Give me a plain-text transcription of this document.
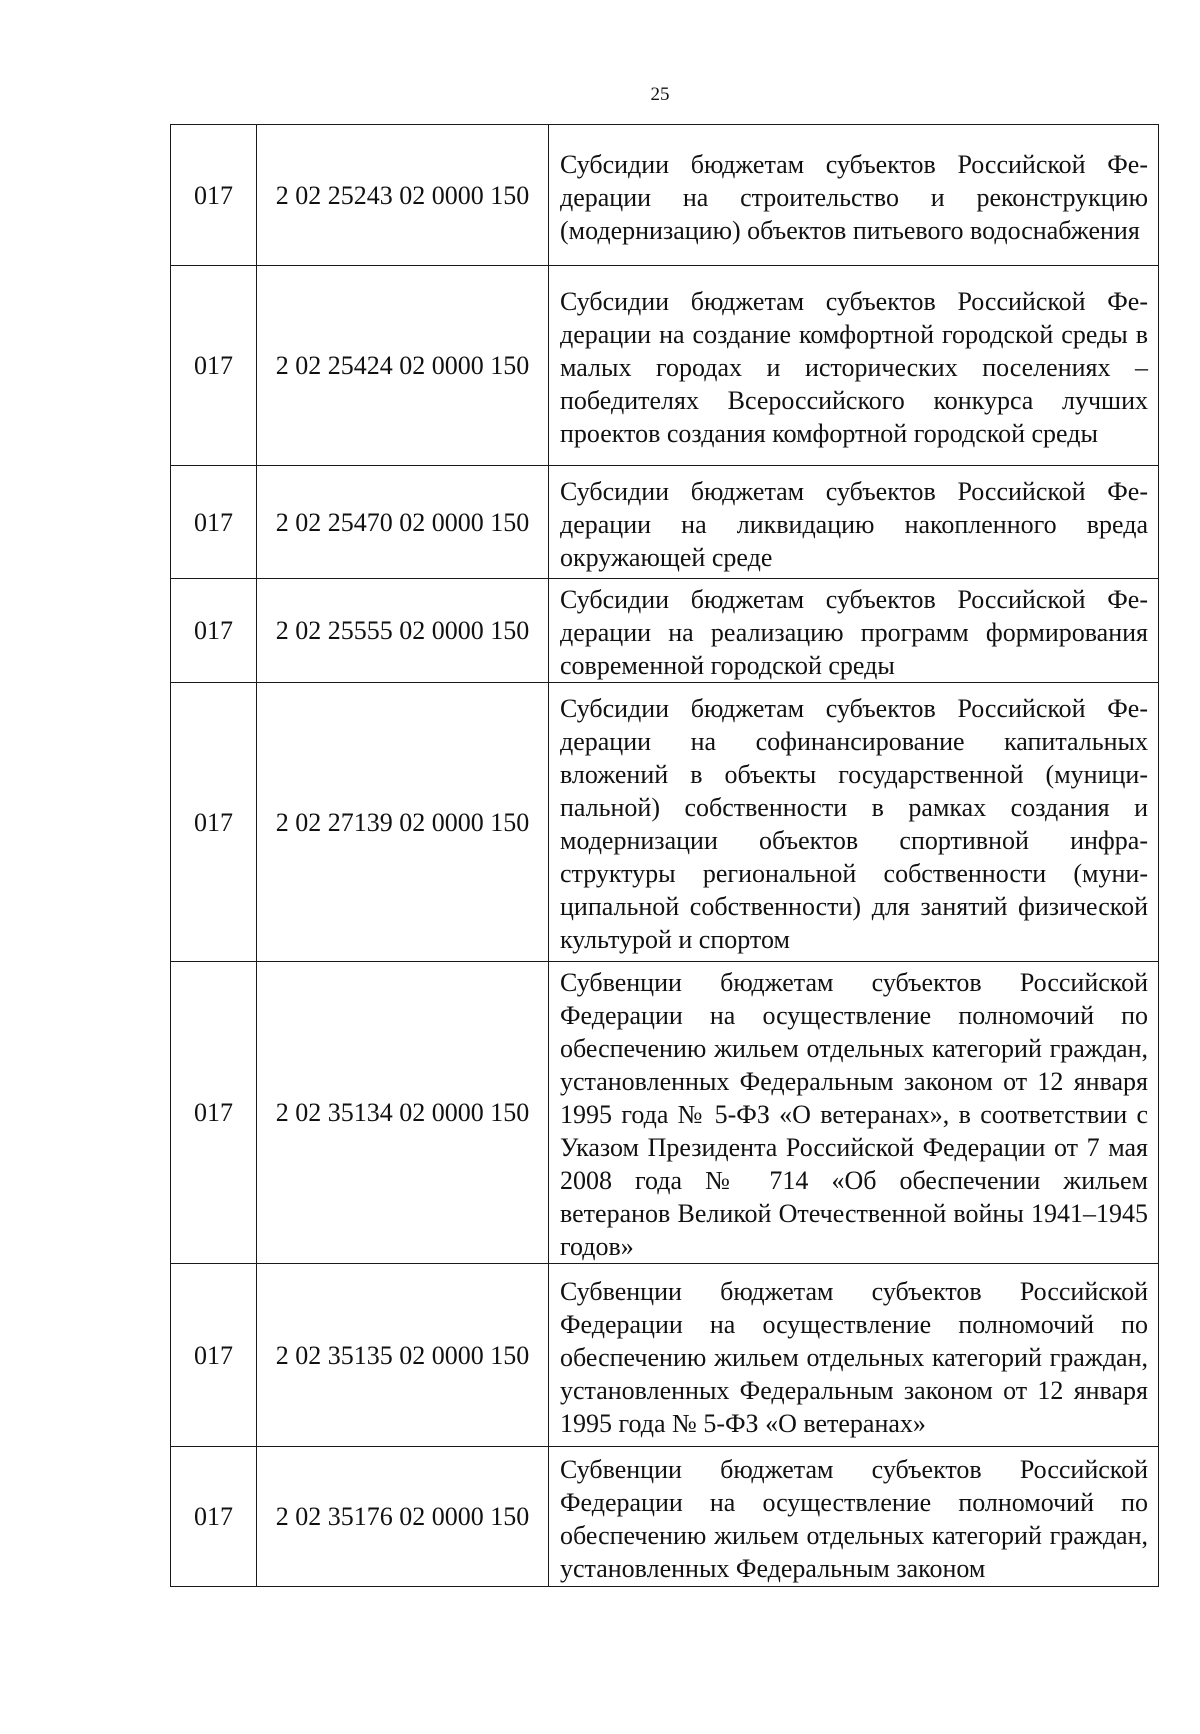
25
017	2 02 25243 02 0000 150	Субсидии бюджетам субъектов Российской Федерации на строительство и реконструкцию (модернизацию) объектов питьевого водоснабжения
017	2 02 25424 02 0000 150	Субсидии бюджетам субъектов Российской Федерации на создание комфортной городской среды в малых городах и исторических поселениях – победителях Всероссийского конкурса лучших проектов создания комфортной городской среды
017	2 02 25470 02 0000 150	Субсидии бюджетам субъектов Российской Федерации на ликвидацию накопленного вреда окружающей среде
017	2 02 25555 02 0000 150	Субсидии бюджетам субъектов Российской Федерации на реализацию программ формирования современной городской среды
017	2 02 27139 02 0000 150	Субсидии бюджетам субъектов Российской Федерации на софинансирование капитальных вложений в объекты государственной (муниципальной) собственности в рамках создания и модернизации объектов спортивной инфраструктуры региональной собственности (муниципальной собственности) для занятий физической культурой и спортом
017	2 02 35134 02 0000 150	Субвенции бюджетам субъектов Российской Федерации на осуществление полномочий по обеспечению жильем отдельных категорий граждан, установленных Федеральным законом от 12 января 1995 года № 5-ФЗ «О ветеранах», в соответствии с Указом Президента Российской Федерации от 7 мая 2008 года № 714 «Об обеспечении жильем ветеранов Великой Отечественной войны 1941–1945 годов»
017	2 02 35135 02 0000 150	Субвенции бюджетам субъектов Российской Федерации на осуществление полномочий по обеспечению жильем отдельных категорий граждан, установленных Федеральным законом от 12 января 1995 года № 5-ФЗ «О ветеранах»
017	2 02 35176 02 0000 150	Субвенции бюджетам субъектов Российской Федерации на осуществление полномочий по обеспечению жильем отдельных категорий граждан, установленных Федеральным законом
